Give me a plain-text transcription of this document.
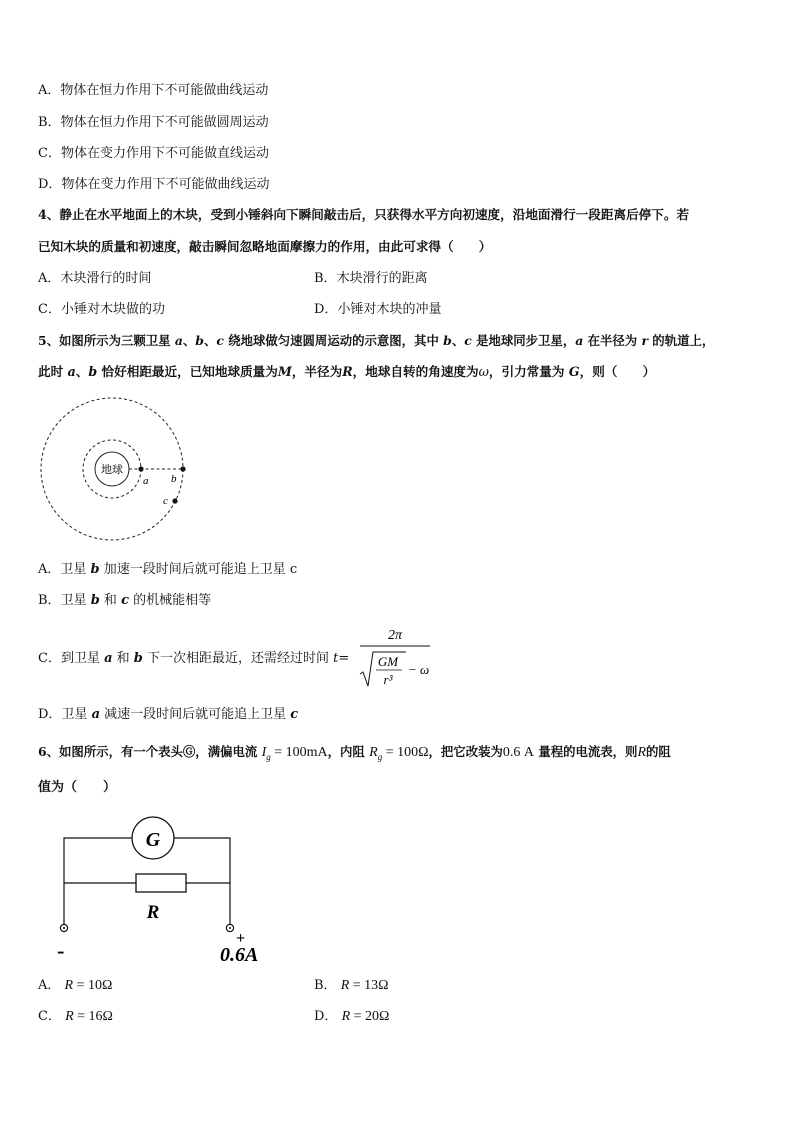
A．物体在恒力作用下不可能做曲线运动
B．物体在恒力作用下不可能做圆周运动
C．物体在变力作用下不可能做直线运动
D．物体在变力作用下不可能做曲线运动
4、静止在水平地面上的木块，受到小锤斜向下瞬间敲击后，只获得水平方向初速度，沿地面滑行一段距离后停下。若
已知木块的质量和初速度，敲击瞬间忽略地面摩擦力的作用，由此可求得（　　）
A．木块滑行的时间	B．木块滑行的距离
C．小锤对木块做的功	D．小锤对木块的冲量
5、如图所示为三颗卫星 a、b、c 绕地球做匀速圆周运动的示意图，其中 b、c 是地球同步卫星，a 在半径为 r 的轨道上，
此时 a、b 恰好相距最近，已知地球质量为M，半径为R，地球自转的角速度为ω，引力常量为 G，则（　　）
地球
a b
c
A．卫星 b 加速一段时间后就可能追上卫星 c
B．卫星 b 和 c 的机械能相等
C．到卫星 a 和 b 下一次相距最近，还需经过时间 t=
2π
GM
r³
− ω
D．卫星 a 减速一段时间后就可能追上卫星 c
6、如图所示，有一个表头Ⓖ，满偏电流 $I_g = 100mA$，内阻 $R_g = 100\Omega$，把它改装为0.6 A 量程的电流表，则R的阻
值为（　　）
G
R
-	+
0.6A
A． R = 10Ω	B． R = 13Ω
C． R = 16Ω	D． R = 20Ω
